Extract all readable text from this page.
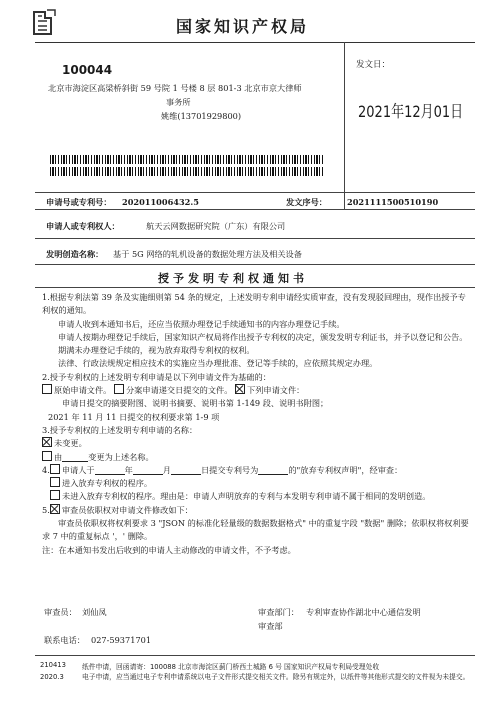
国家知识产权局
100044
北京市海淀区高梁桥斜街 59 号院 1 号楼 8 层 801-3 北京市京大律师
事务所
姚维(13701929800)
发文日：
2021年12月01日
申请号或专利号： 202011006432.5	发文序号： 2021111500510190
申请人或专利权人：	航天云网数据研究院（广东）有限公司
发明创造名称： 基于 5G 网络的轧机设备的数据处理方法及相关设备
授予发明专利权通知书
1.根据专利法第 39 条及实施细则第 54 条的规定，上述发明专利申请经实质审查，没有发现驳回理由，现作出授予专利权的通知。
申请人收到本通知书后，还应当依照办理登记手续通知书的内容办理登记手续。
申请人按期办理登记手续后，国家知识产权局将作出授予专利权的决定，颁发发明专利证书，并予以登记和公告。
期满未办理登记手续的，视为放弃取得专利权的权利。
法律、行政法规规定相应技术的实施应当办理批准、登记等手续的，应依照其规定办理。
2.授予专利权的上述发明专利申请是以下列申请文件为基础的：
原始申请文件。 分案申请递交日提交的文件。 下列申请文件：
申请日提交的摘要附图、说明书摘要、说明书第 1-149 段、说明书附图；
2021 年 11 月 11 日提交的权利要求第 1-9 项
3.授予专利权的上述发明专利申请的名称：
未变更。
由	变更为上述名称。
4. 申请人于	年	月	日提交专利号为	的"放弃专利权声明"，经审查：
进入放弃专利权的程序。
未进入放弃专利权的程序。理由是：申请人声明放弃的专利与本发明专利申请不属于相同的发明创造。
5. 审查员依职权对申请文件修改如下：
审查员依职权将权利要求 3 "JSON 的标准化轻量级的数据数据格式" 中的重复字段 "数据" 删除；依职权将权利要求 7 中的重复标点 '，' 删除。
注：在本通知书发出后收到的申请人主动修改的申请文件，不予考虑。
审查员： 刘仙凤	审查部门： 专利审查协作湖北中心通信发明
审查部
联系电话： 027-59371701
210413
2020.3
纸件申请，回函请寄：100088 北京市海淀区蓟门桥西土城路 6 号 国家知识产权局专利局受理处收
电子申请，应当通过电子专利申请系统以电子文件形式提交相关文件。除另有规定外，以纸件等其他形式提交的文件视为未提交。
